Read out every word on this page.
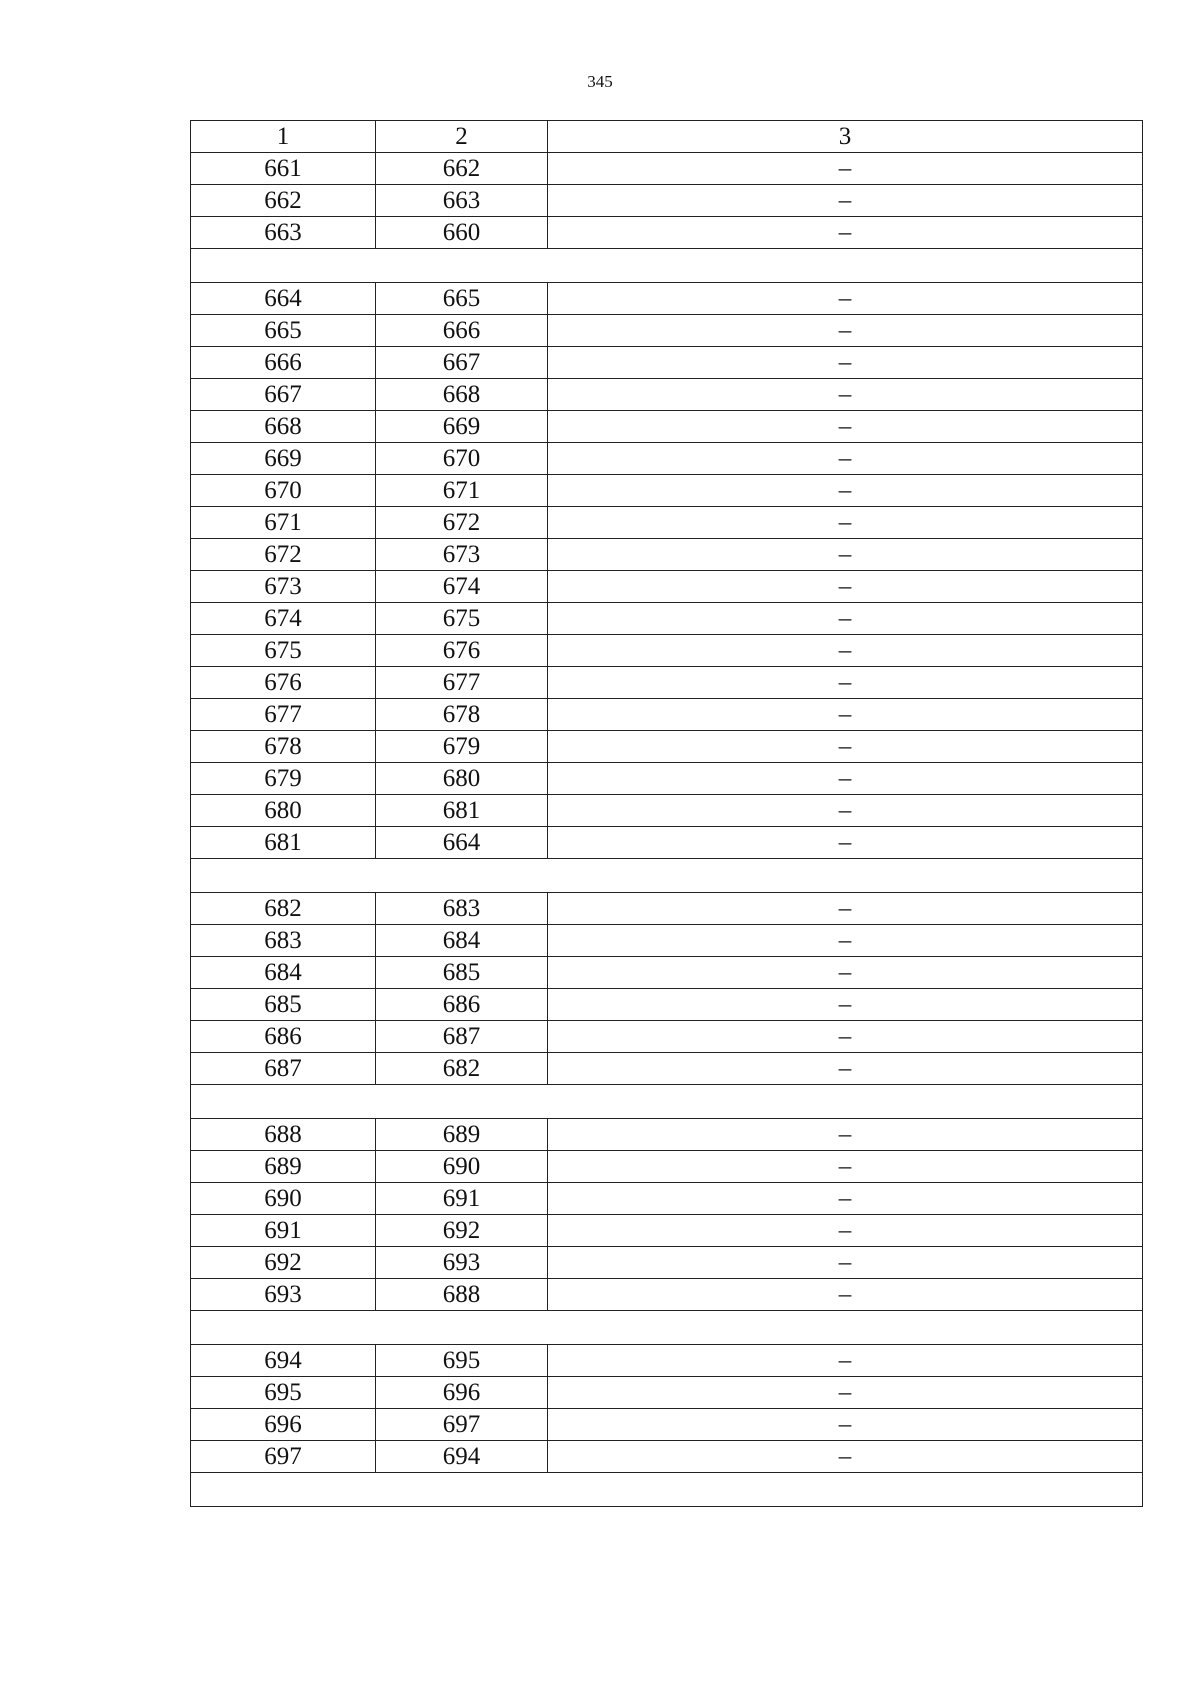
345
1	2	3
661	662	–
662	663	–
663	660	–

664	665	–
665	666	–
666	667	–
667	668	–
668	669	–
669	670	–
670	671	–
671	672	–
672	673	–
673	674	–
674	675	–
675	676	–
676	677	–
677	678	–
678	679	–
679	680	–
680	681	–
681	664	–

682	683	–
683	684	–
684	685	–
685	686	–
686	687	–
687	682	–

688	689	–
689	690	–
690	691	–
691	692	–
692	693	–
693	688	–

694	695	–
695	696	–
696	697	–
697	694	–
